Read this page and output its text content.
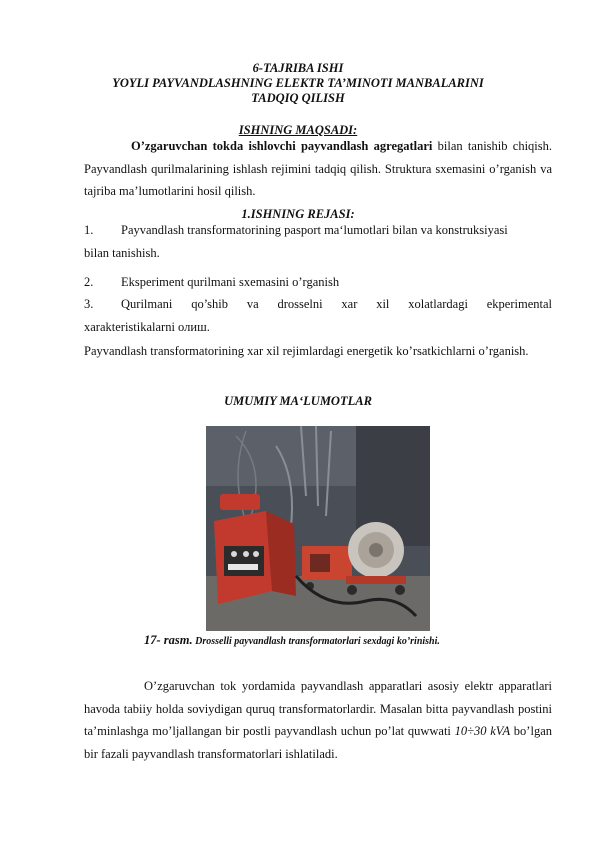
6-TAJRIBA ISHI
YOYLI PAYVANDLASHNING ELEKTR TA’MINOTI MANBALARINI
TADQIQ QILISH
ISHNING MAQSADI:
O’zgaruvchan tokda ishlovchi payvandlash agregatlari bilan tanishib chiqish. Payvandlash qurilmalarining ishlash rejimini tadqiq qilish. Struktura sxemasini o’rganish va tajriba ma’lumotlarini hosil qilish.
1.ISHNING REJASI:
1. Payvandlash transformatorining pasport ma‘lumotlari bilan va konstruksiyasi
bilan tanishish.
2. Eksperiment qurilmani sxemasini o’rganish
3. Qurilmani qo’shib va drosselni xar xil xolatlardagi ekperimental
xarakteristikalarni олиш.
Payvandlash transformatorining xar xil rejimlardagi energetik ko’rsatkichlarni o’rganish.
UMUMIY MA‘LUMOTLAR
17- rasm. Drosselli payvandlash transformatorlari sexdagi ko’rinishi.
O’zgaruvchan tok yordamida payvandlash apparatlari asosiy elektr apparatlari havoda tabiiy holda soviydigan quruq transformatorlardir. Masalan bitta payvandlash postini ta’minlashga mo’ljallangan bir postli payvandlash uchun po’lat quwwati 10÷30 kVA bo’lgan bir fazali payvandlash transformatorlari ishlatiladi.
